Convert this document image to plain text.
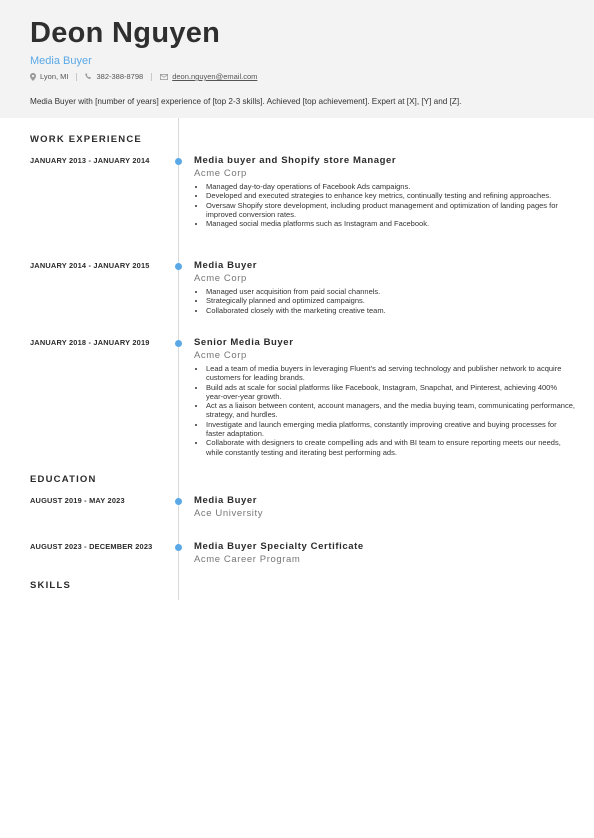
Deon Nguyen
Media Buyer
Lyon, MI	382-388-8798	deon.nguyen@email.com
Media Buyer with [number of years] experience of [top 2-3 skills]. Achieved [top achievement]. Expert at [X], [Y] and [Z].
WORK EXPERIENCE
JANUARY 2013 - JANUARY 2014	Media buyer and Shopify store Manager
Acme Corp
• Managed day-to-day operations of Facebook Ads campaigns.
• Developed and executed strategies to enhance key metrics, continually testing and refining approaches.
• Oversaw Shopify store development, including product management and optimization of landing pages for improved conversion rates.
• Managed social media platforms such as Instagram and Facebook.
JANUARY 2014 - JANUARY 2015	Media Buyer
Acme Corp
• Managed user acquisition from paid social channels.
• Strategically planned and optimized campaigns.
• Collaborated closely with the marketing creative team.
JANUARY 2018 - JANUARY 2019	Senior Media Buyer
Acme Corp
• Lead a team of media buyers in leveraging Fluent's ad serving technology and publisher network to acquire customers for leading brands.
• Build ads at scale for social platforms like Facebook, Instagram, Snapchat, and Pinterest, achieving 400% year-over-year growth.
• Act as a liaison between content, account managers, and the media buying team, communicating performance, strategy, and hurdles.
• Investigate and launch emerging media platforms, constantly improving creative and buying processes for faster adaptation.
• Collaborate with designers to create compelling ads and with BI team to ensure reporting meets our needs, while constantly testing and iterating best performing ads.
EDUCATION
AUGUST 2019 - MAY 2023	Media Buyer
Ace University
AUGUST 2023 - DECEMBER 2023	Media Buyer Specialty Certificate
Acme Career Program
SKILLS
